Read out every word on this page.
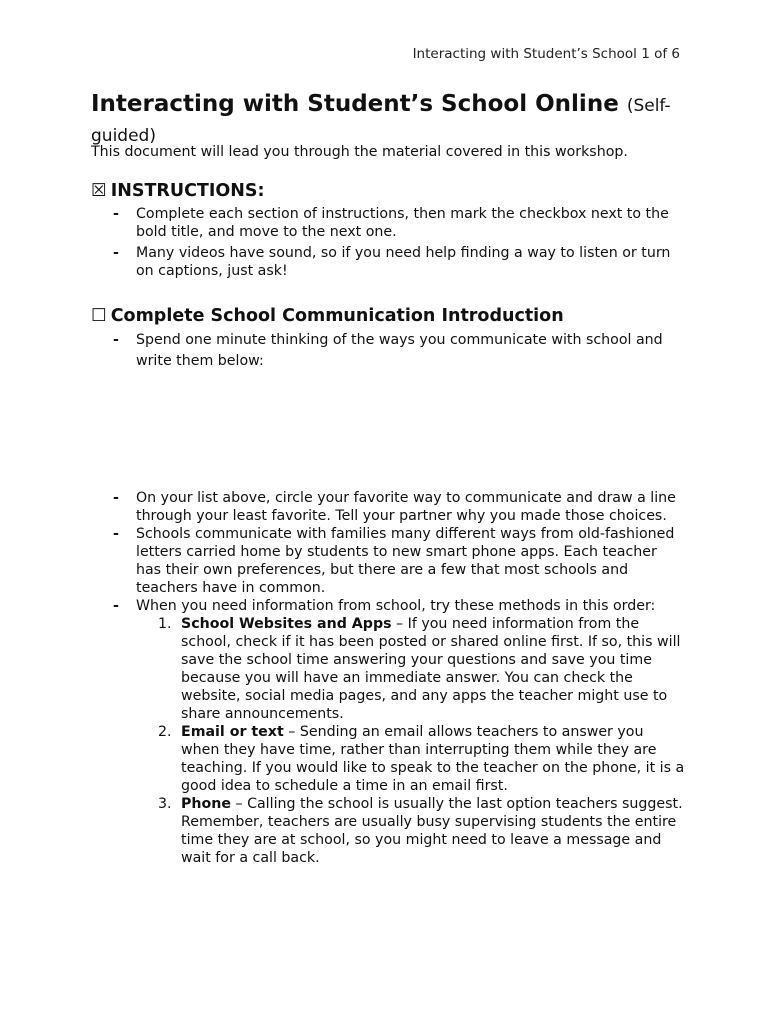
Interacting with Student’s School 1 of 6
Interacting with Student’s School Online (Self-guided)
This document will lead you through the material covered in this workshop.
☒ INSTRUCTIONS:
- Complete each section of instructions, then mark the checkbox next to the bold title, and move to the next one.
- Many videos have sound, so if you need help finding a way to listen or turn on captions, just ask!
☐ Complete School Communication Introduction
- Spend one minute thinking of the ways you communicate with school and write them below:
- On your list above, circle your favorite way to communicate and draw a line through your least favorite. Tell your partner why you made those choices.
- Schools communicate with families many different ways from old-fashioned letters carried home by students to new smart phone apps. Each teacher has their own preferences, but there are a few that most schools and teachers have in common.
- When you need information from school, try these methods in this order:
1. School Websites and Apps – If you need information from the school, check if it has been posted or shared online first. If so, this will save the school time answering your questions and save you time because you will have an immediate answer. You can check the website, social media pages, and any apps the teacher might use to share announcements.
2. Email or text – Sending an email allows teachers to answer you when they have time, rather than interrupting them while they are teaching. If you would like to speak to the teacher on the phone, it is a good idea to schedule a time in an email first.
3. Phone – Calling the school is usually the last option teachers suggest. Remember, teachers are usually busy supervising students the entire time they are at school, so you might need to leave a message and wait for a call back.
